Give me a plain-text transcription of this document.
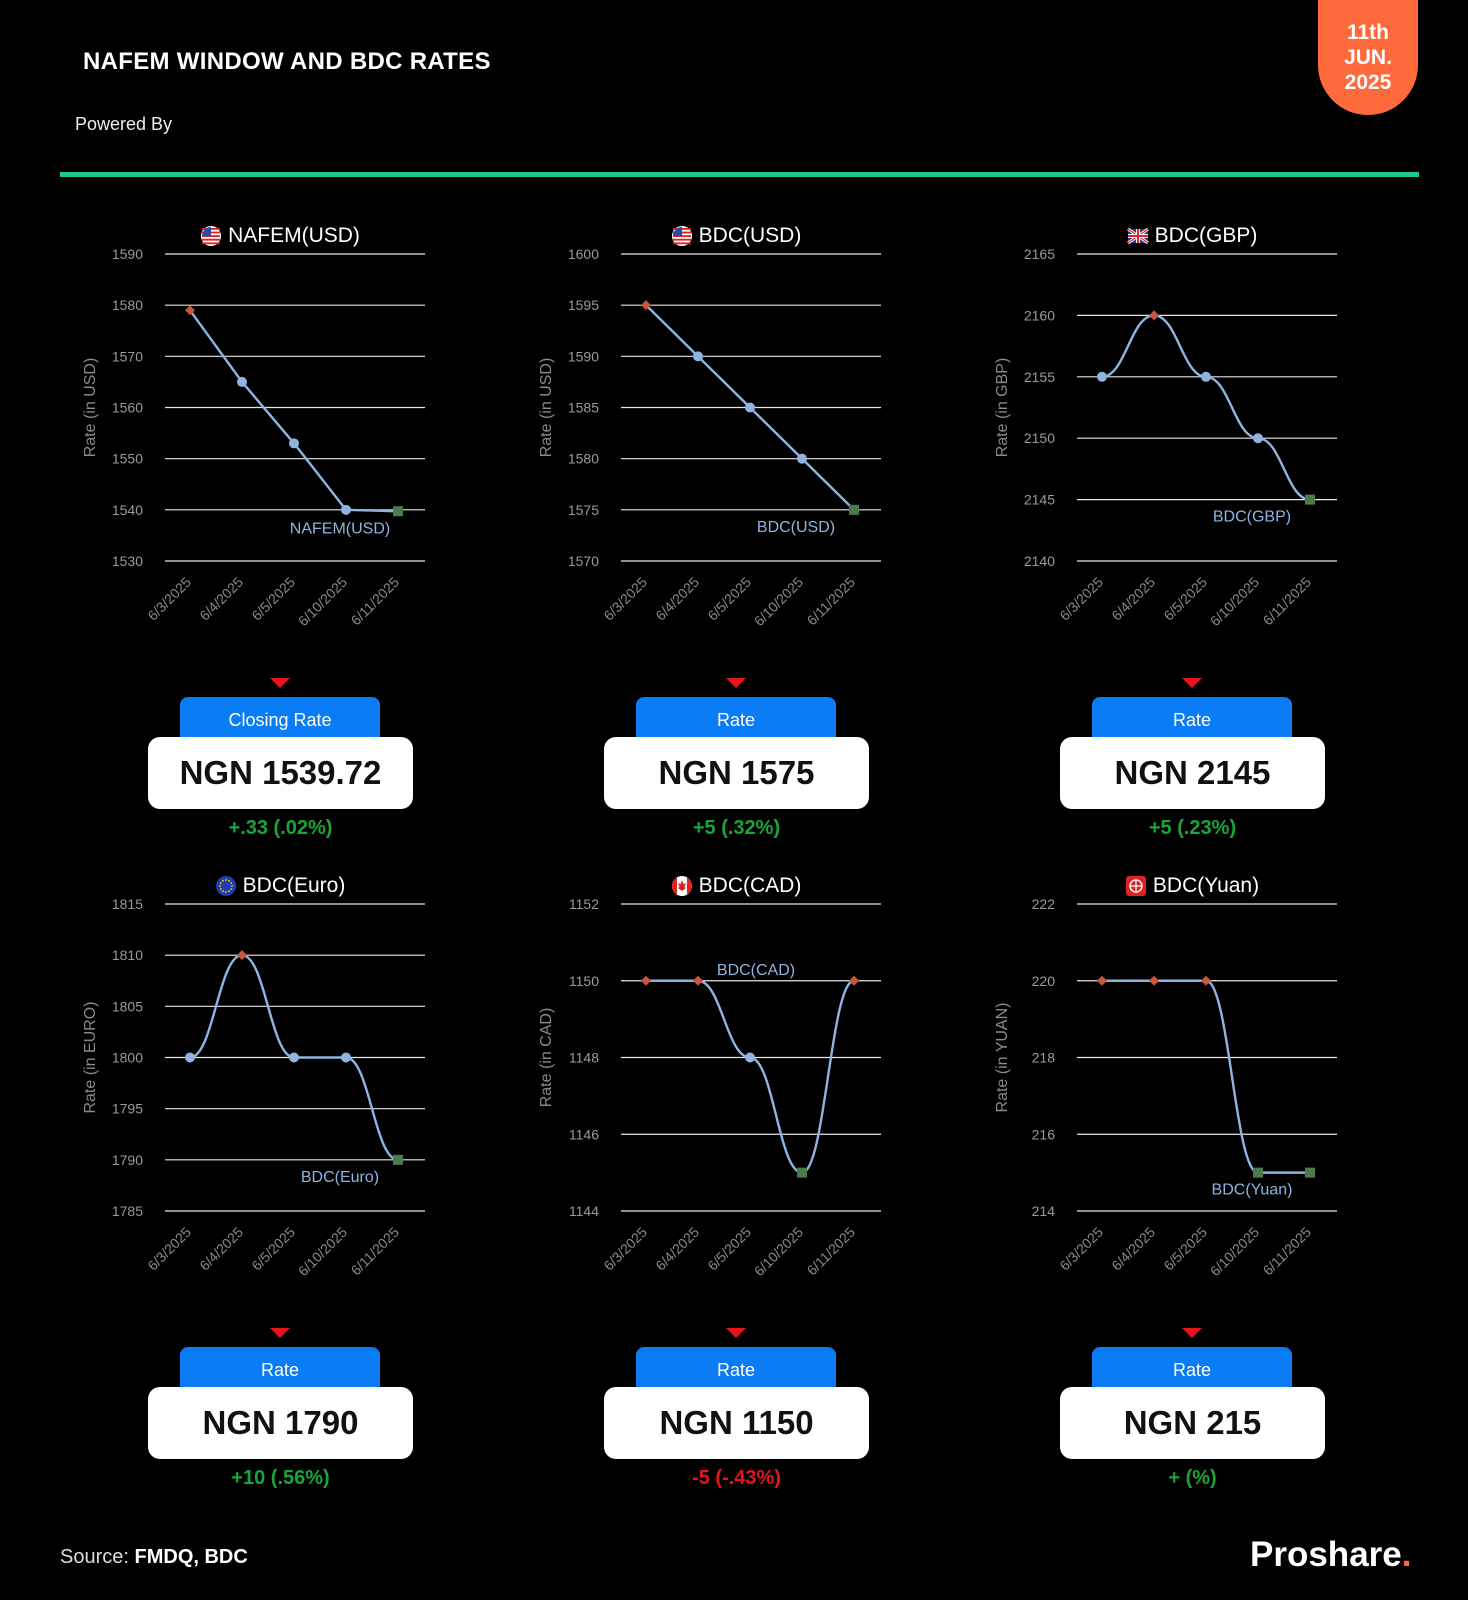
NAFEM WINDOW AND BDC RATES
Powered By
11th
JUN.
2025
NAFEM(USD)
1530
1540
1550
1560
1570
1580
1590
Rate (in USD)
NAFEM(USD)
6/3/2025 6/4/2025 6/5/2025
6/10/2025
6/11/2025
Closing Rate
NGN 1539.72
+.33 (.02%)
BDC(USD)
1570
1575
1580
1585
1590
1595
1600
Rate (in USD)
BDC(USD)
6/3/2025 6/4/2025 6/5/2025
6/10/2025
6/11/2025
Rate
NGN 1575
+5 (.32%)
BDC(GBP)
2140
2145
2150
2155
2160
2165
Rate (in GBP)
BDC(GBP)
6/3/2025 6/4/2025 6/5/2025
6/10/2025
6/11/2025
Rate
NGN 2145
+5 (.23%)
BDC(Euro)
1785
1790
1795
1800
1805
1810
1815
Rate (in EURO)
BDC(Euro)
6/3/2025 6/4/2025 6/5/2025
6/10/2025
6/11/2025
Rate
NGN 1790
+10 (.56%)
BDC(CAD)
1144
1146
1148
1150
1152
Rate (in CAD)
BDC(CAD)
6/3/2025 6/4/2025 6/5/2025
6/10/2025
6/11/2025
Rate
NGN 1150
-5 (-.43%)
BDC(Yuan)
214
216
218
220
222
Rate (in YUAN)
BDC(Yuan)
6/3/2025 6/4/2025 6/5/2025
6/10/2025
6/11/2025
Rate
NGN 215
+ (%)
Source: FMDQ, BDC	Proshare.
